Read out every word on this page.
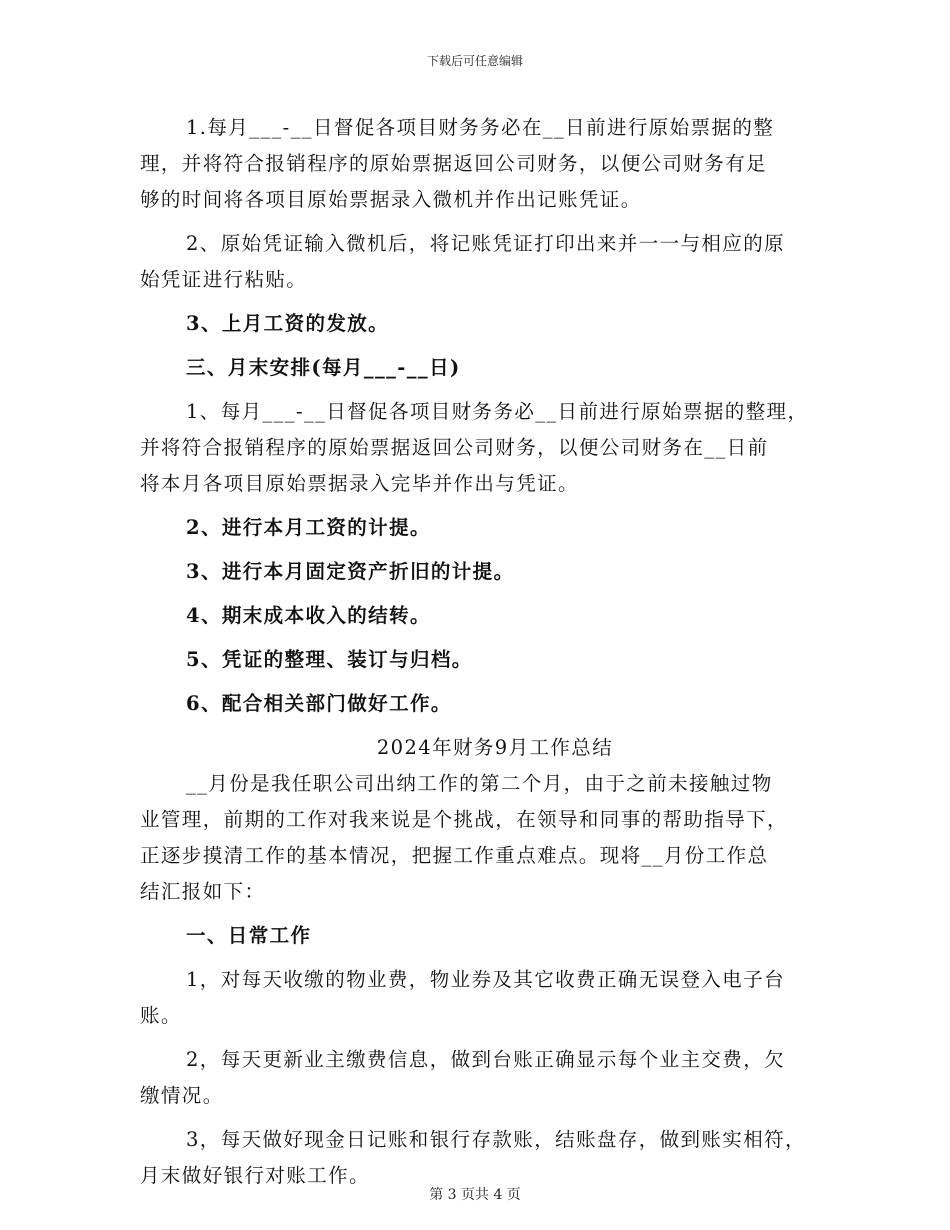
下载后可任意编辑
1.每月___-__日督促各项目财务务必在__日前进行原始票据的整
理，并将符合报销程序的原始票据返回公司财务，以便公司财务有足
够的时间将各项目原始票据录入微机并作出记账凭证。
2、原始凭证输入微机后，将记账凭证打印出来并一一与相应的原
始凭证进行粘贴。
3、上月工资的发放。
三、月末安排(每月___-__日)
1、每月___-__日督促各项目财务务必__日前进行原始票据的整理，
并将符合报销程序的原始票据返回公司财务，以便公司财务在__日前
将本月各项目原始票据录入完毕并作出与凭证。
2、进行本月工资的计提。
3、进行本月固定资产折旧的计提。
4、期末成本收入的结转。
5、凭证的整理、装订与归档。
6、配合相关部门做好工作。
2024年财务9月工作总结
__月份是我任职公司出纳工作的第二个月，由于之前未接触过物
业管理，前期的工作对我来说是个挑战，在领导和同事的帮助指导下，
正逐步摸清工作的基本情况，把握工作重点难点。现将__月份工作总
结汇报如下：
一、日常工作
1，对每天收缴的物业费，物业券及其它收费正确无误登入电子台
账。
2，每天更新业主缴费信息，做到台账正确显示每个业主交费，欠
缴情况。
3，每天做好现金日记账和银行存款账，结账盘存，做到账实相符，
月末做好银行对账工作。
第 3 页共 4 页
